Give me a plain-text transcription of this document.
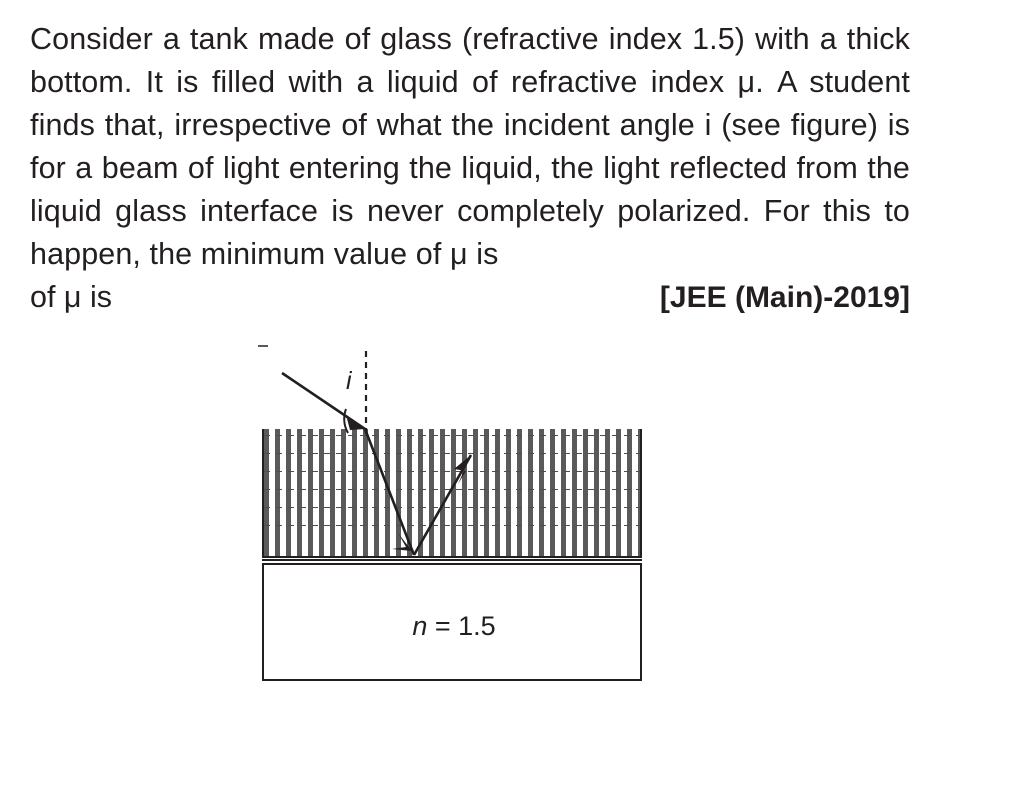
Consider a tank made of glass (refractive index 1.5) with a thick bottom. It is filled with a liquid of refractive index μ. A student finds that, irrespective of what the incident angle i (see figure) is for a beam of light entering the liquid, the light reflected from the liquid glass interface is never completely polarized. For this to happen, the minimum value of μ is

of μ is	[JEE (Main)-2019]
n = 1.5
i
